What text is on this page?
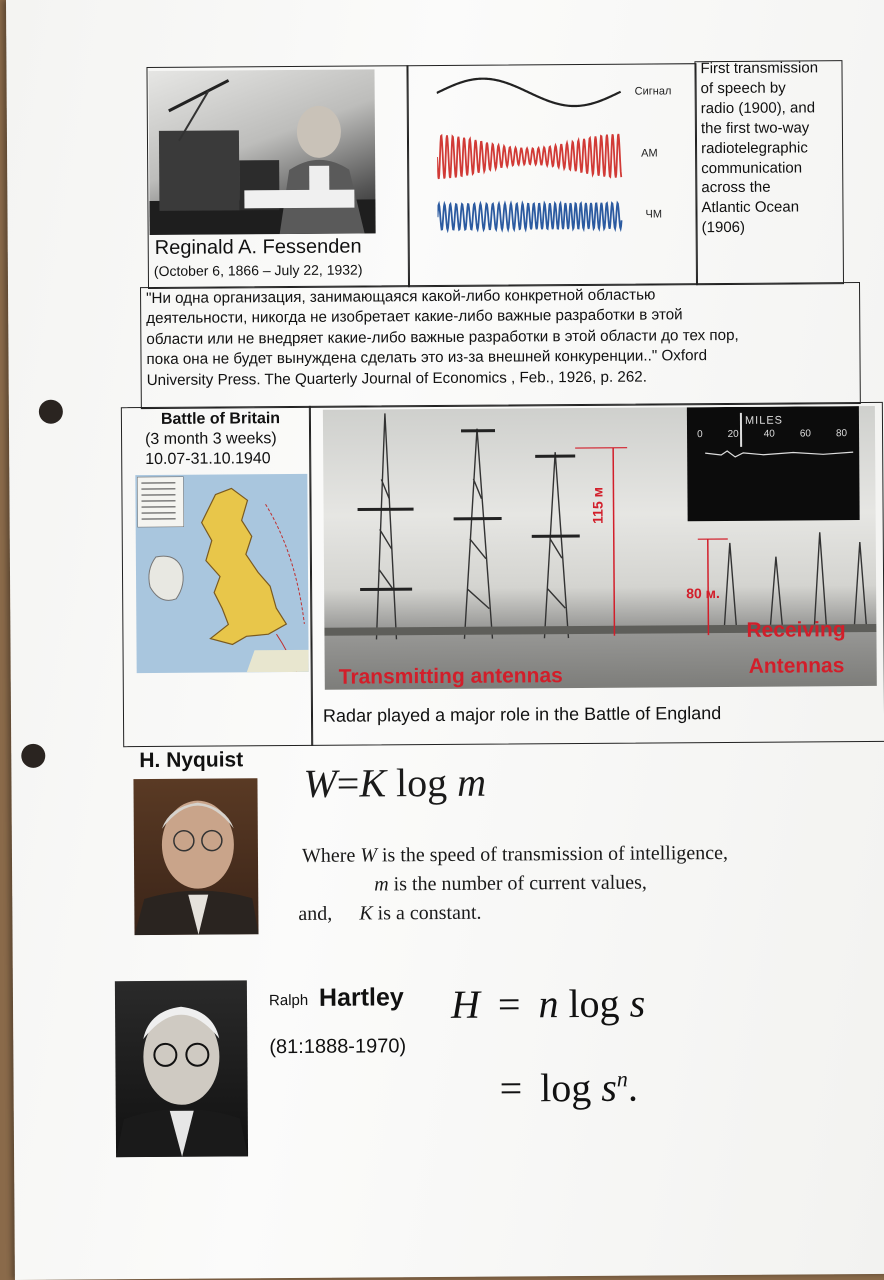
Reginald A. Fessenden
(October 6, 1866 – July 22, 1932)
Сигнал
АМ
ЧМ
First transmission
of speech by
radio (1900), and
the first two-way
radiotelegraphic
communication
across the
Atlantic Ocean
(1906)
"Ни одна организация, занимающаяся какой-либо конкретной областью
деятельности, никогда не изобретает какие-либо важные разработки в этой
области или не внедряет какие-либо важные разработки в этой области до тех пор,
пока она не будет вынуждена сделать это из-за внешней конкуренции.." Oxford
University Press. The Quarterly Journal of Economics , Feb., 1926, p. 262.
Battle of Britain
(3 month 3 weeks)
10.07-31.10.1940
MILES
0 20 40 60 80
115 м
80 м.
Transmitting antennas
Receiving
Antennas
Radar played a major role in the Battle of England
H. Nyquist
W=K log m
Where W is the speed of transmission of intelligence,
m is the number of current values,
and, K is a constant.
Ralph Hartley
(81:1888-1970)
H = n log s
= $\log s^n$.
